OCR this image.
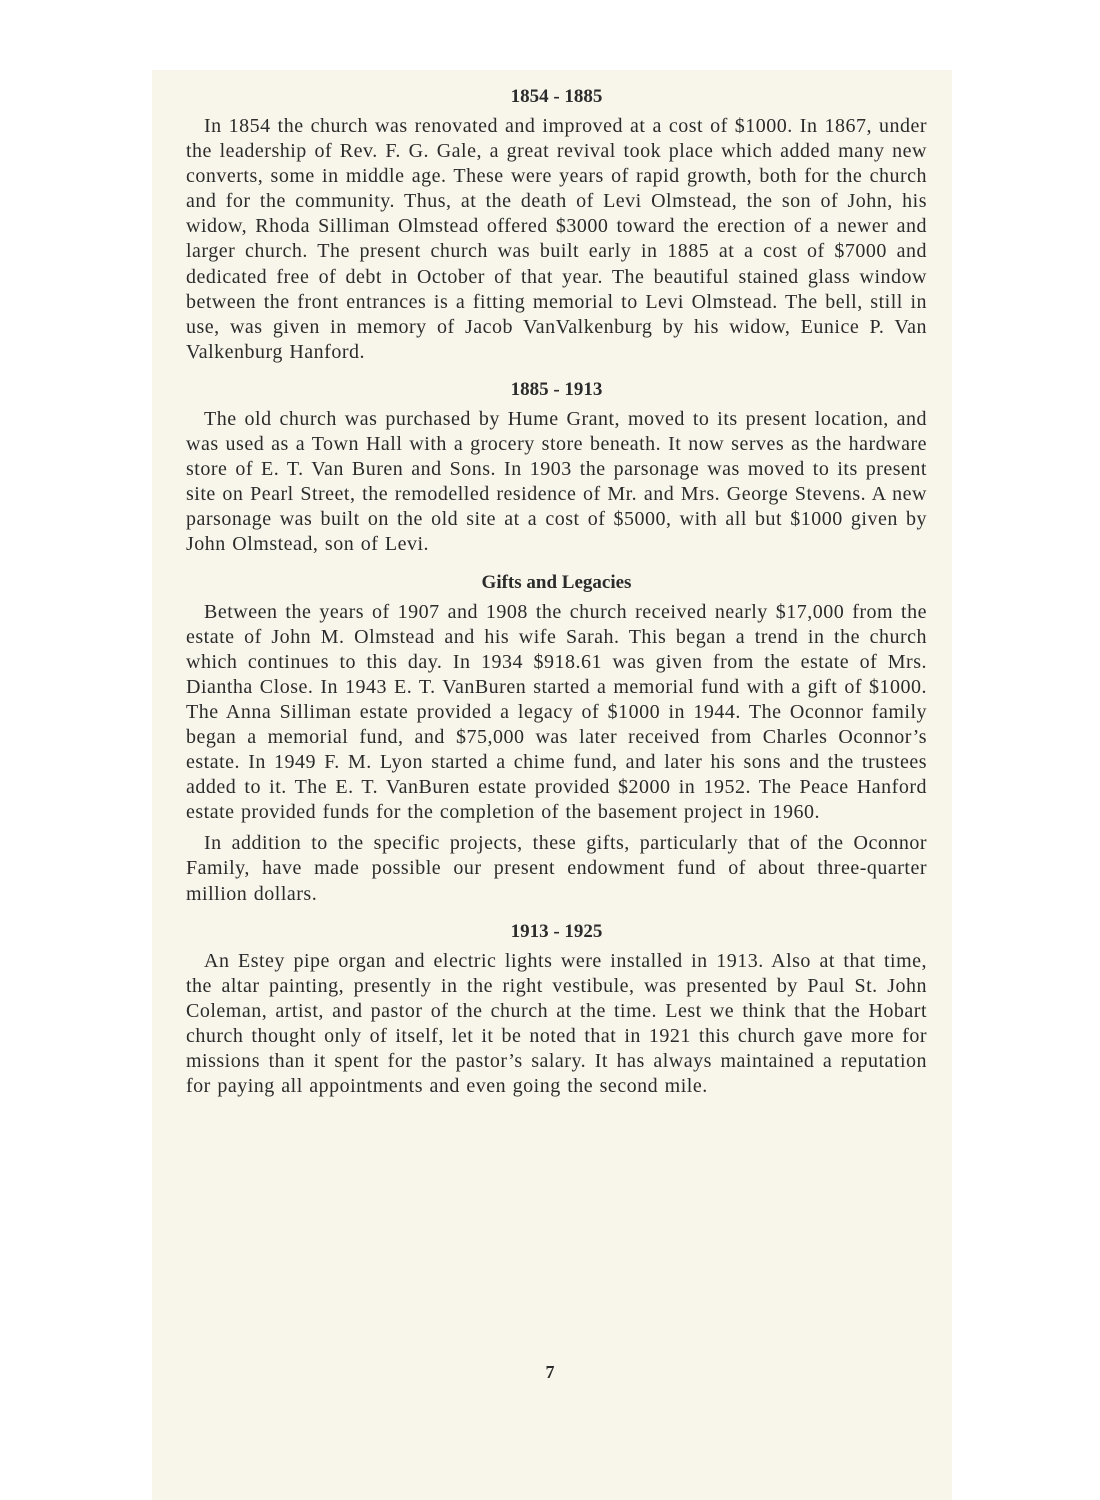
1854 - 1885

In 1854 the church was renovated and improved at a cost of $1000. In 1867, under the leadership of Rev. F. G. Gale, a great revival took place which added many new converts, some in middle age. These were years of rapid growth, both for the church and for the community. Thus, at the death of Levi Olmstead, the son of John, his widow, Rhoda Silliman Olmstead offered $3000 toward the erection of a newer and larger church. The present church was built early in 1885 at a cost of $7000 and dedicated free of debt in October of that year. The beautiful stained glass window between the front entrances is a fitting memorial to Levi Olmstead. The bell, still in use, was given in memory of Jacob VanValkenburg by his widow, Eunice P. Van Valkenburg Hanford.

1885 - 1913

The old church was purchased by Hume Grant, moved to its present location, and was used as a Town Hall with a grocery store beneath. It now serves as the hardware store of E. T. Van Buren and Sons. In 1903 the parsonage was moved to its present site on Pearl Street, the remodelled residence of Mr. and Mrs. George Stevens. A new parsonage was built on the old site at a cost of $5000, with all but $1000 given by John Olmstead, son of Levi.

Gifts and Legacies

Between the years of 1907 and 1908 the church received nearly $17,000 from the estate of John M. Olmstead and his wife Sarah. This began a trend in the church which continues to this day. In 1934 $918.61 was given from the estate of Mrs. Diantha Close. In 1943 E. T. VanBuren started a memorial fund with a gift of $1000. The Anna Silliman estate provided a legacy of $1000 in 1944. The Oconnor family began a memorial fund, and $75,000 was later received from Charles Oconnor’s estate. In 1949 F. M. Lyon started a chime fund, and later his sons and the trustees added to it. The E. T. VanBuren estate provided $2000 in 1952. The Peace Hanford estate provided funds for the completion of the basement project in 1960.

In addition to the specific projects, these gifts, particularly that of the Oconnor Family, have made possible our present endowment fund of about three-quarter million dollars.

1913 - 1925

An Estey pipe organ and electric lights were installed in 1913. Also at that time, the altar painting, presently in the right vestibule, was presented by Paul St. John Coleman, artist, and pastor of the church at the time. Lest we think that the Hobart church thought only of itself, let it be noted that in 1921 this church gave more for missions than it spent for the pastor’s salary. It has always maintained a reputation for paying all appointments and even going the second mile.

7
